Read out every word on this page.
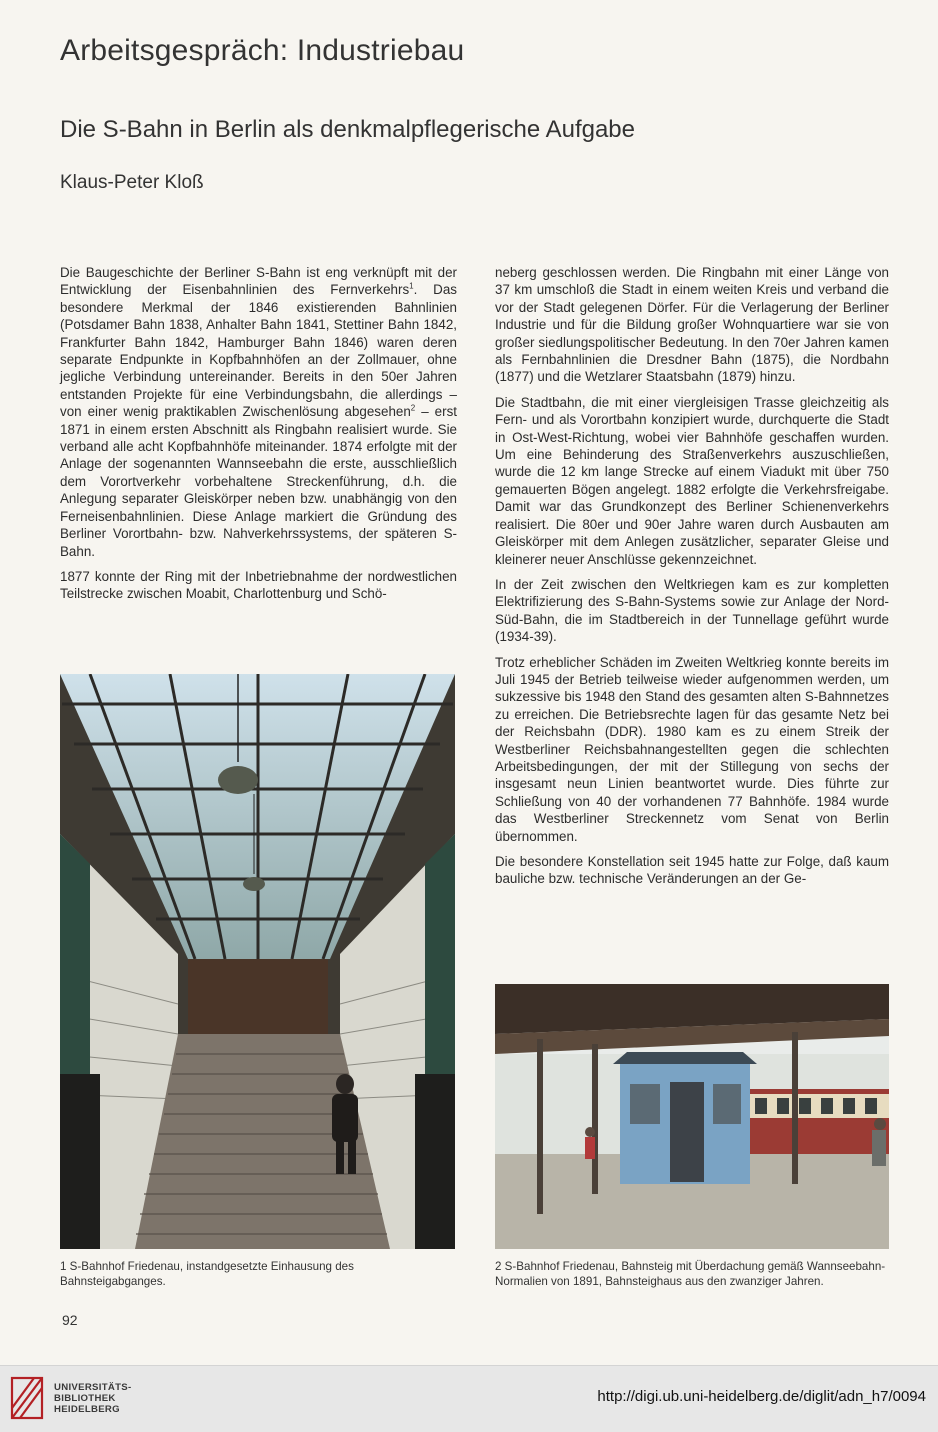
Arbeitsgespräch: Industriebau
Die S-Bahn in Berlin als denkmalpflegerische Aufgabe
Klaus-Peter Kloß

Die Baugeschichte der Berliner S-Bahn ist eng verknüpft mit der Entwicklung der Eisenbahnlinien des Fernverkehrs$^1$. Das besondere Merkmal der 1846 existierenden Bahnlinien (Potsdamer Bahn 1838, Anhalter Bahn 1841, Stettiner Bahn 1842, Frankfurter Bahn 1842, Hamburger Bahn 1846) waren deren separate Endpunkte in Kopfbahnhöfen an der Zollmauer, ohne jegliche Verbindung untereinander. Bereits in den 50er Jahren entstanden Projekte für eine Verbindungsbahn, die allerdings – von einer wenig praktikablen Zwischenlösung abgesehen$^2$ – erst 1871 in einem ersten Abschnitt als Ringbahn realisiert wurde. Sie verband alle acht Kopfbahnhöfe miteinander. 1874 erfolgte mit der Anlage der sogenannten Wannseebahn die erste, ausschließlich dem Vorortverkehr vorbehaltene Streckenführung, d.h. die Anlegung separater Gleiskörper neben bzw. unabhängig von den Ferneisenbahnlinien. Diese Anlage markiert die Gründung des Berliner Vorortbahn- bzw. Nahverkehrssystems, der späteren S-Bahn.

1877 konnte der Ring mit der Inbetriebnahme der nordwestlichen Teilstrecke zwischen Moabit, Charlottenburg und Schö-

neberg geschlossen werden. Die Ringbahn mit einer Länge von 37 km umschloß die Stadt in einem weiten Kreis und verband die vor der Stadt gelegenen Dörfer. Für die Verlagerung der Berliner Industrie und für die Bildung großer Wohnquartiere war sie von großer siedlungspolitischer Bedeutung. In den 70er Jahren kamen als Fernbahnlinien die Dresdner Bahn (1875), die Nordbahn (1877) und die Wetzlarer Staatsbahn (1879) hinzu.

Die Stadtbahn, die mit einer viergleisigen Trasse gleichzeitig als Fern- und als Vorortbahn konzipiert wurde, durchquerte die Stadt in Ost-West-Richtung, wobei vier Bahnhöfe geschaffen wurden. Um eine Behinderung des Straßenverkehrs auszuschließen, wurde die 12 km lange Strecke auf einem Viadukt mit über 750 gemauerten Bögen angelegt. 1882 erfolgte die Verkehrsfreigabe. Damit war das Grundkonzept des Berliner Schienenverkehrs realisiert. Die 80er und 90er Jahre waren durch Ausbauten am Gleiskörper mit dem Anlegen zusätzlicher, separater Gleise und kleinerer neuer Anschlüsse gekennzeichnet.

In der Zeit zwischen den Weltkriegen kam es zur kompletten Elektrifizierung des S-Bahn-Systems sowie zur Anlage der Nord-Süd-Bahn, die im Stadtbereich in der Tunnellage geführt wurde (1934-39).

Trotz erheblicher Schäden im Zweiten Weltkrieg konnte bereits im Juli 1945 der Betrieb teilweise wieder aufgenommen werden, um sukzessive bis 1948 den Stand des gesamten alten S-Bahnnetzes zu erreichen. Die Betriebsrechte lagen für das gesamte Netz bei der Reichsbahn (DDR). 1980 kam es zu einem Streik der Westberliner Reichsbahnangestellten gegen die schlechten Arbeitsbedingungen, der mit der Stillegung von sechs der insgesamt neun Linien beantwortet wurde. Dies führte zur Schließung von 40 der vorhandenen 77 Bahnhöfe. 1984 wurde das Westberliner Streckennetz vom Senat von Berlin übernommen.

Die besondere Konstellation seit 1945 hatte zur Folge, daß kaum bauliche bzw. technische Veränderungen an der Ge-

1 S-Bahnhof Friedenau, instandgesetzte Einhausung des Bahnsteigabganges.
2 S-Bahnhof Friedenau, Bahnsteig mit Überdachung gemäß Wannseebahn-Normalien von 1891, Bahnsteighaus aus den zwanziger Jahren.
92
UNIVERSITÄTS-
BIBLIOTHEK
HEIDELBERG
http://digi.ub.uni-heidelberg.de/diglit/adn_h7/0094
